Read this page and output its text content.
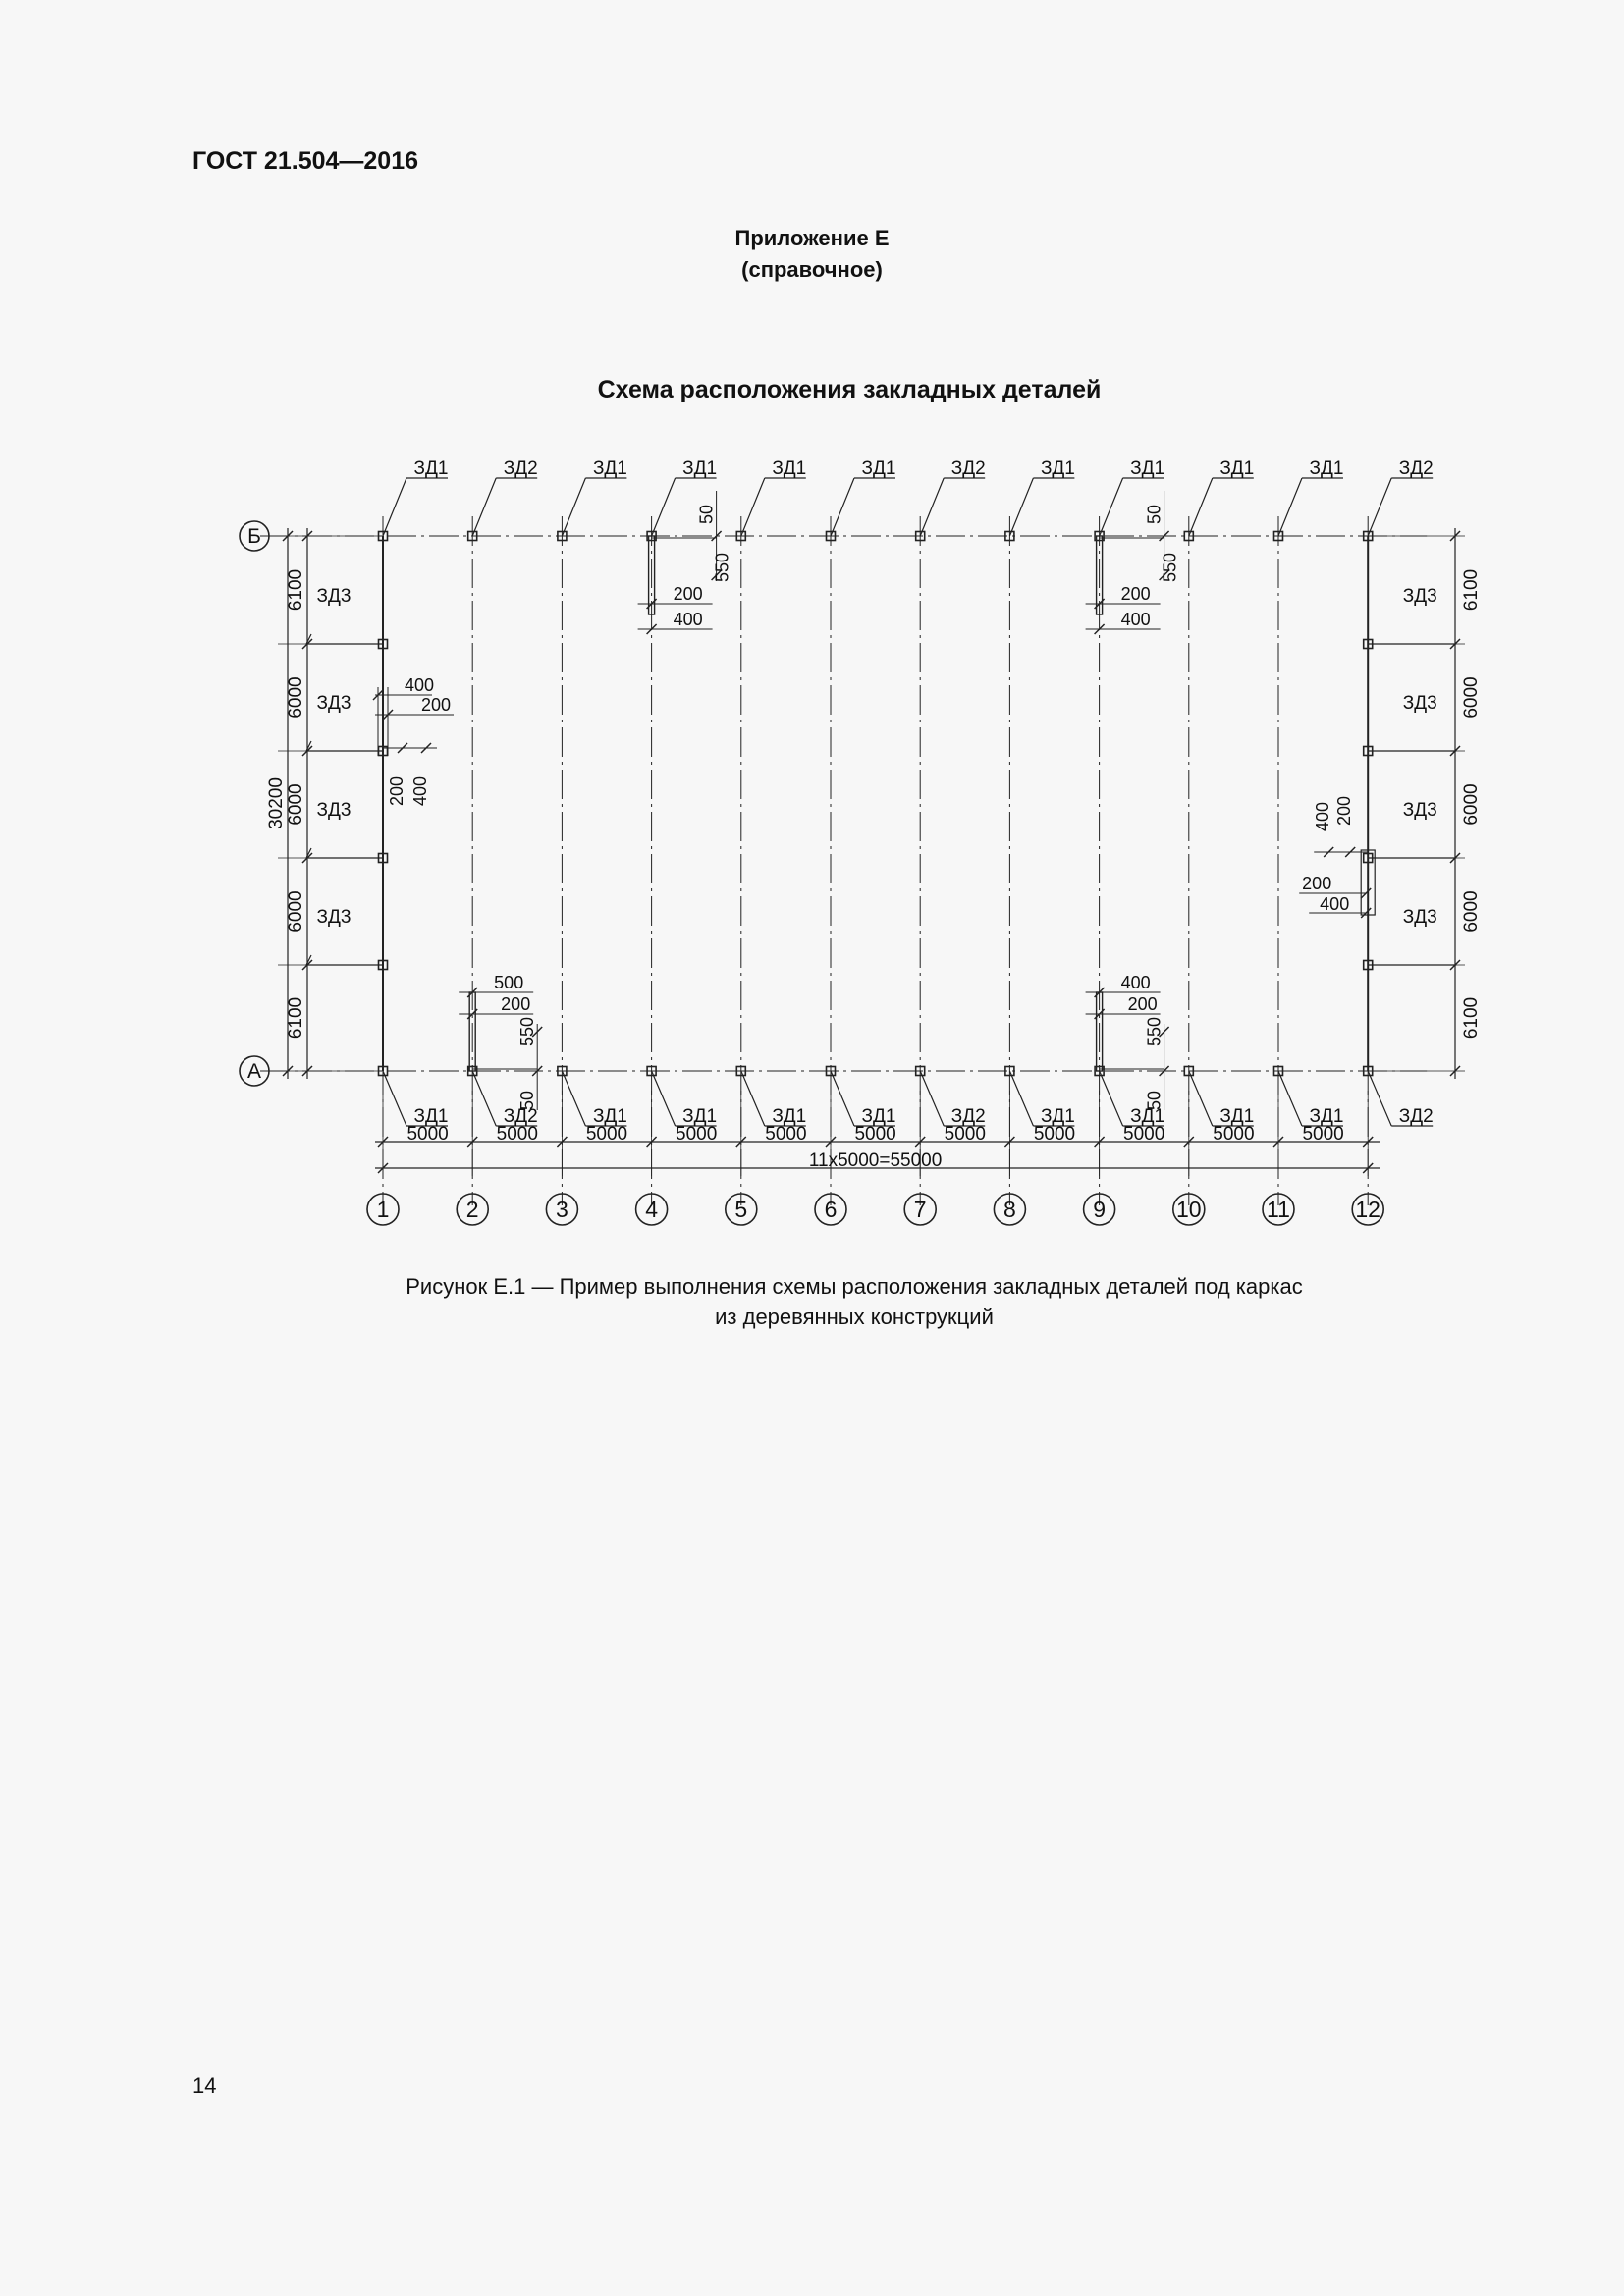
ГОСТ 21.504—2016
Приложение Е
(справочное)
Схема расположения закладных деталей
Б
А
1	2	3	4	5	6	7	8	9	10	11	12
ЗД1	ЗД2	ЗД1	ЗД1	ЗД1	ЗД1	ЗД2	ЗД1	ЗД1	ЗД1	ЗД1	ЗД2
ЗД1	ЗД2	ЗД1	ЗД1	ЗД1	ЗД1	ЗД2	ЗД1	ЗД1	ЗД1	ЗД1	ЗД2
ЗД3	ЗД3
ЗД3	ЗД3
ЗД3	ЗД3
ЗД3	ЗД3
5000	5000	5000	5000	5000	5000	5000	5000	5000	5000	5000
11x5000=55000
6100
6000
6000
6000
6100
30200
6100
6000
6000
6000
6100
50
550
200
400
50
550
200
400
500
200
550
50
400
200
550
50
400
200
200 400
400 200
200
400
Рисунок Е.1 — Пример выполнения схемы расположения закладных деталей под каркас
из деревянных конструкций
14
